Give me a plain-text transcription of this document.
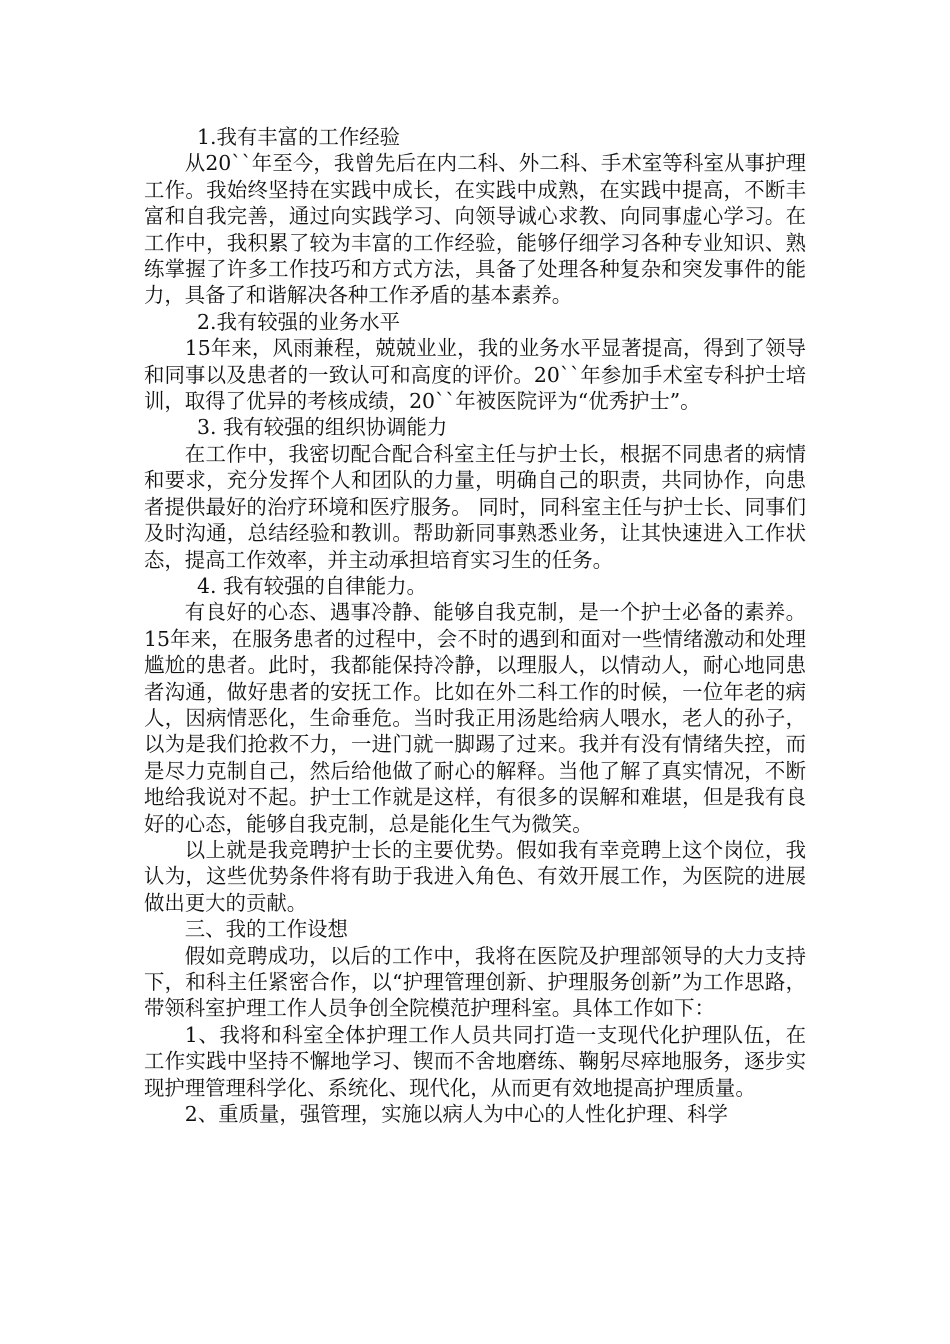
1.我有丰富的工作经验

从20``年至今，我曾先后在内二科、外二科、手术室等科室从事护理工作。我始终坚持在实践中成长，在实践中成熟，在实践中提高，不断丰富和自我完善，通过向实践学习、向领导诚心求教、向同事虚心学习。在工作中，我积累了较为丰富的工作经验，能够仔细学习各种专业知识、熟练掌握了许多工作技巧和方式方法，具备了处理各种复杂和突发事件的能力，具备了和谐解决各种工作矛盾的基本素养。

2.我有较强的业务水平

15年来，风雨兼程，兢兢业业，我的业务水平显著提高，得到了领导和同事以及患者的一致认可和高度的评价。20``年参加手术室专科护士培训，取得了优异的考核成绩，20``年被医院评为“优秀护士”。

3. 我有较强的组织协调能力

在工作中，我密切配合配合科室主任与护士长，根据不同患者的病情和要求，充分发挥个人和团队的力量，明确自己的职责，共同协作，向患者提供最好的治疗环境和医疗服务。 同时，同科室主任与护士长、同事们及时沟通，总结经验和教训。帮助新同事熟悉业务，让其快速进入工作状态，提高工作效率，并主动承担培育实习生的任务。

4. 我有较强的自律能力。

有良好的心态、遇事冷静、能够自我克制，是一个护士必备的素养。15年来，在服务患者的过程中，会不时的遇到和面对一些情绪激动和处理尴尬的患者。此时，我都能保持冷静，以理服人，以情动人，耐心地同患者沟通，做好患者的安抚工作。比如在外二科工作的时候，一位年老的病人，因病情恶化，生命垂危。当时我正用汤匙给病人喂水，老人的孙子，以为是我们抢救不力，一进门就一脚踢了过来。我并有没有情绪失控，而是尽力克制自己，然后给他做了耐心的解释。当他了解了真实情况，不断地给我说对不起。护士工作就是这样，有很多的误解和难堪，但是我有良好的心态，能够自我克制，总是能化生气为微笑。

以上就是我竞聘护士长的主要优势。假如我有幸竞聘上这个岗位，我认为，这些优势条件将有助于我进入角色、有效开展工作，为医院的进展做出更大的贡献。

三、我的工作设想

假如竞聘成功，以后的工作中，我将在医院及护理部领导的大力支持下，和科主任紧密合作，以“护理管理创新、护理服务创新”为工作思路，带领科室护理工作人员争创全院模范护理科室。具体工作如下：

1、我将和科室全体护理工作人员共同打造一支现代化护理队伍，在工作实践中坚持不懈地学习、锲而不舍地磨练、鞠躬尽瘁地服务，逐步实现护理管理科学化、系统化、现代化，从而更有效地提高护理质量。

2、重质量，强管理，实施以病人为中心的人性化护理、科学
